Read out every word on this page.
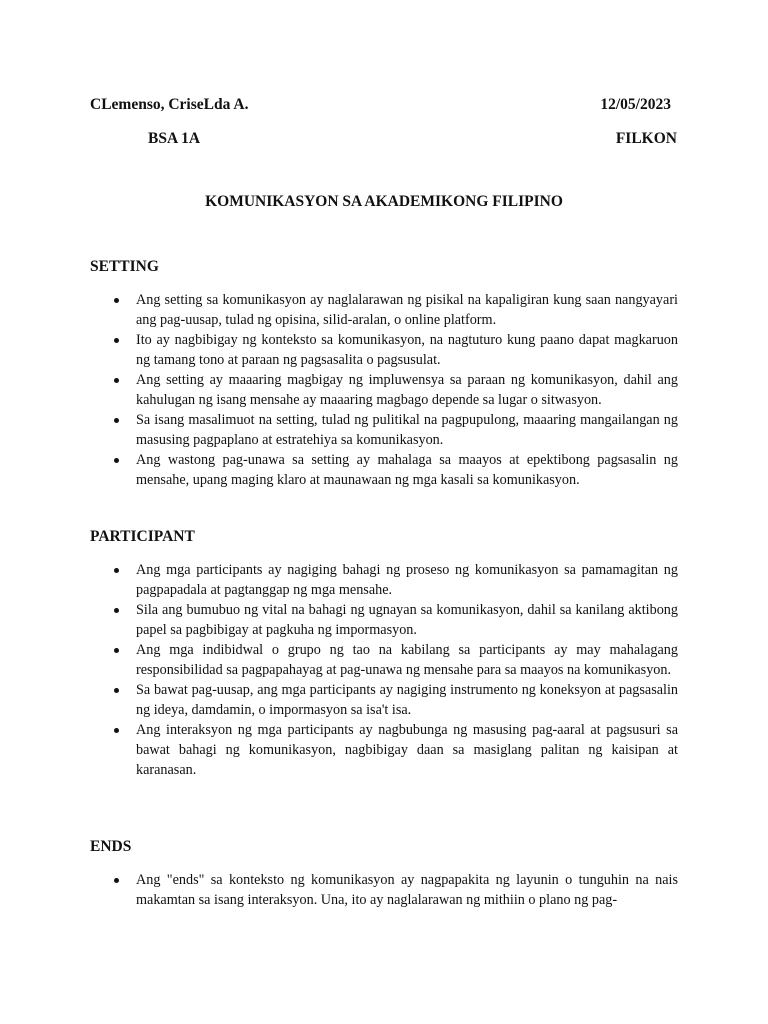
CLemenso, CriseLda A.	12/05/2023
BSA 1A	FILKON
KOMUNIKASYON SA AKADEMIKONG FILIPINO
SETTING
Ang setting sa komunikasyon ay naglalarawan ng pisikal na kapaligiran kung saan nangyayari ang pag-uusap, tulad ng opisina, silid-aralan, o online platform.
Ito ay nagbibigay ng konteksto sa komunikasyon, na nagtuturo kung paano dapat magkaruon ng tamang tono at paraan ng pagsasalita o pagsusulat.
Ang setting ay maaaring magbigay ng impluwensya sa paraan ng komunikasyon, dahil ang kahulugan ng isang mensahe ay maaaring magbago depende sa lugar o sitwasyon.
Sa isang masalimuot na setting, tulad ng pulitikal na pagpupulong, maaaring mangailangan ng masusing pagpaplano at estratehiya sa komunikasyon.
Ang wastong pag-unawa sa setting ay mahalaga sa maayos at epektibong pagsasalin ng mensahe, upang maging klaro at maunawaan ng mga kasali sa komunikasyon.
PARTICIPANT
Ang mga participants ay nagiging bahagi ng proseso ng komunikasyon sa pamamagitan ng pagpapadala at pagtanggap ng mga mensahe.
Sila ang bumubuo ng vital na bahagi ng ugnayan sa komunikasyon, dahil sa kanilang aktibong papel sa pagbibigay at pagkuha ng impormasyon.
Ang mga indibidwal o grupo ng tao na kabilang sa participants ay may mahalagang responsibilidad sa pagpapahayag at pag-unawa ng mensahe para sa maayos na komunikasyon.
Sa bawat pag-uusap, ang mga participants ay nagiging instrumento ng koneksyon at pagsasalin ng ideya, damdamin, o impormasyon sa isa't isa.
Ang interaksyon ng mga participants ay nagbubunga ng masusing pag-aaral at pagsusuri sa bawat bahagi ng komunikasyon, nagbibigay daan sa masiglang palitan ng kaisipan at karanasan.
ENDS
Ang "ends" sa konteksto ng komunikasyon ay nagpapakita ng layunin o tunguhin na nais makamtan sa isang interaksyon. Una, ito ay naglalarawan ng mithiin o plano ng pag-
